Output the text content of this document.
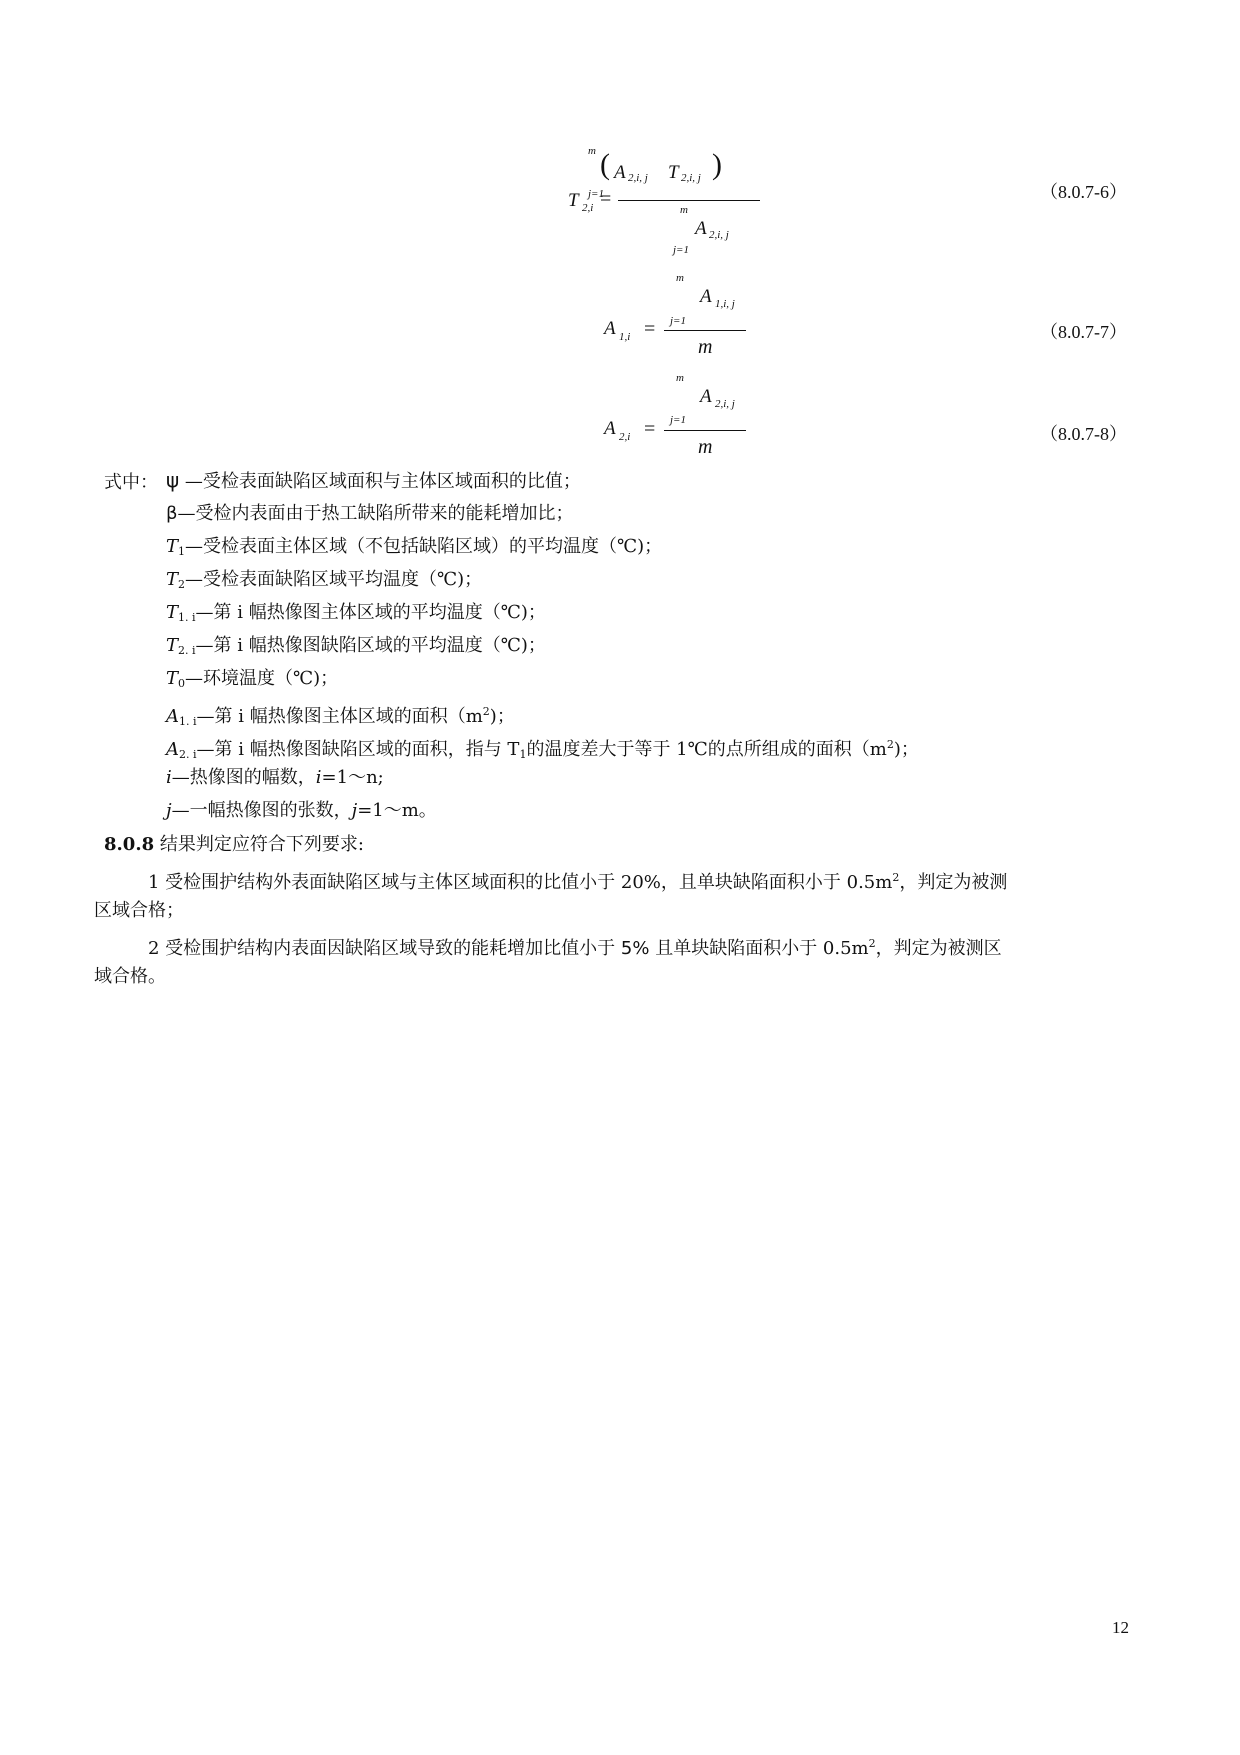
m ( A 2,i, j T 2,i, j )
j=1
T 2,i =	m
A 2,i, j
j=1
（8.0.7-6）
m
A 1,i, j
j=1
A 1,i =
m
（8.0.7-7）
m
A 2,i, j
j=1
A 2,i =
m
（8.0.7-8）
式中： ψ —受检表面缺陷区域面积与主体区域面积的比值；
β—受检内表面由于热工缺陷所带来的能耗增加比；
$T_1—$受检表面主体区域（不包括缺陷区域）的平均温度（℃)；
$T_2—$受检表面缺陷区域平均温度（℃)；
$T_{1. i}—$第 i 幅热像图主体区域的平均温度（℃)；
$T_{2. i}—$第 i 幅热像图缺陷区域的平均温度（℃)；
$T_0—$环境温度（℃)；
$A_{1. i}—$第 i 幅热像图主体区域的面积$(m^2)$；
$A_{2. i}—$第 i 幅热像图缺陷区域的面积，指与 $T_1$的温度差大于等于 1℃的点所组成的面积$(m^2)$；
i—热像图的幅数，i=1～n;
j—一幅热像图的张数，j=1～m。
8.0.8 结果判定应符合下列要求:
1 受检围护结构外表面缺陷区域与主体区域面积的比值小于 20%，且单块缺陷面积小于 $0.5m^2$，判定为被测
区域合格；
2 受检围护结构内表面因缺陷区域导致的能耗增加比值小于 5% 且单块缺陷面积小于 $0.5m^2$，判定为被测区
域合格。
12
